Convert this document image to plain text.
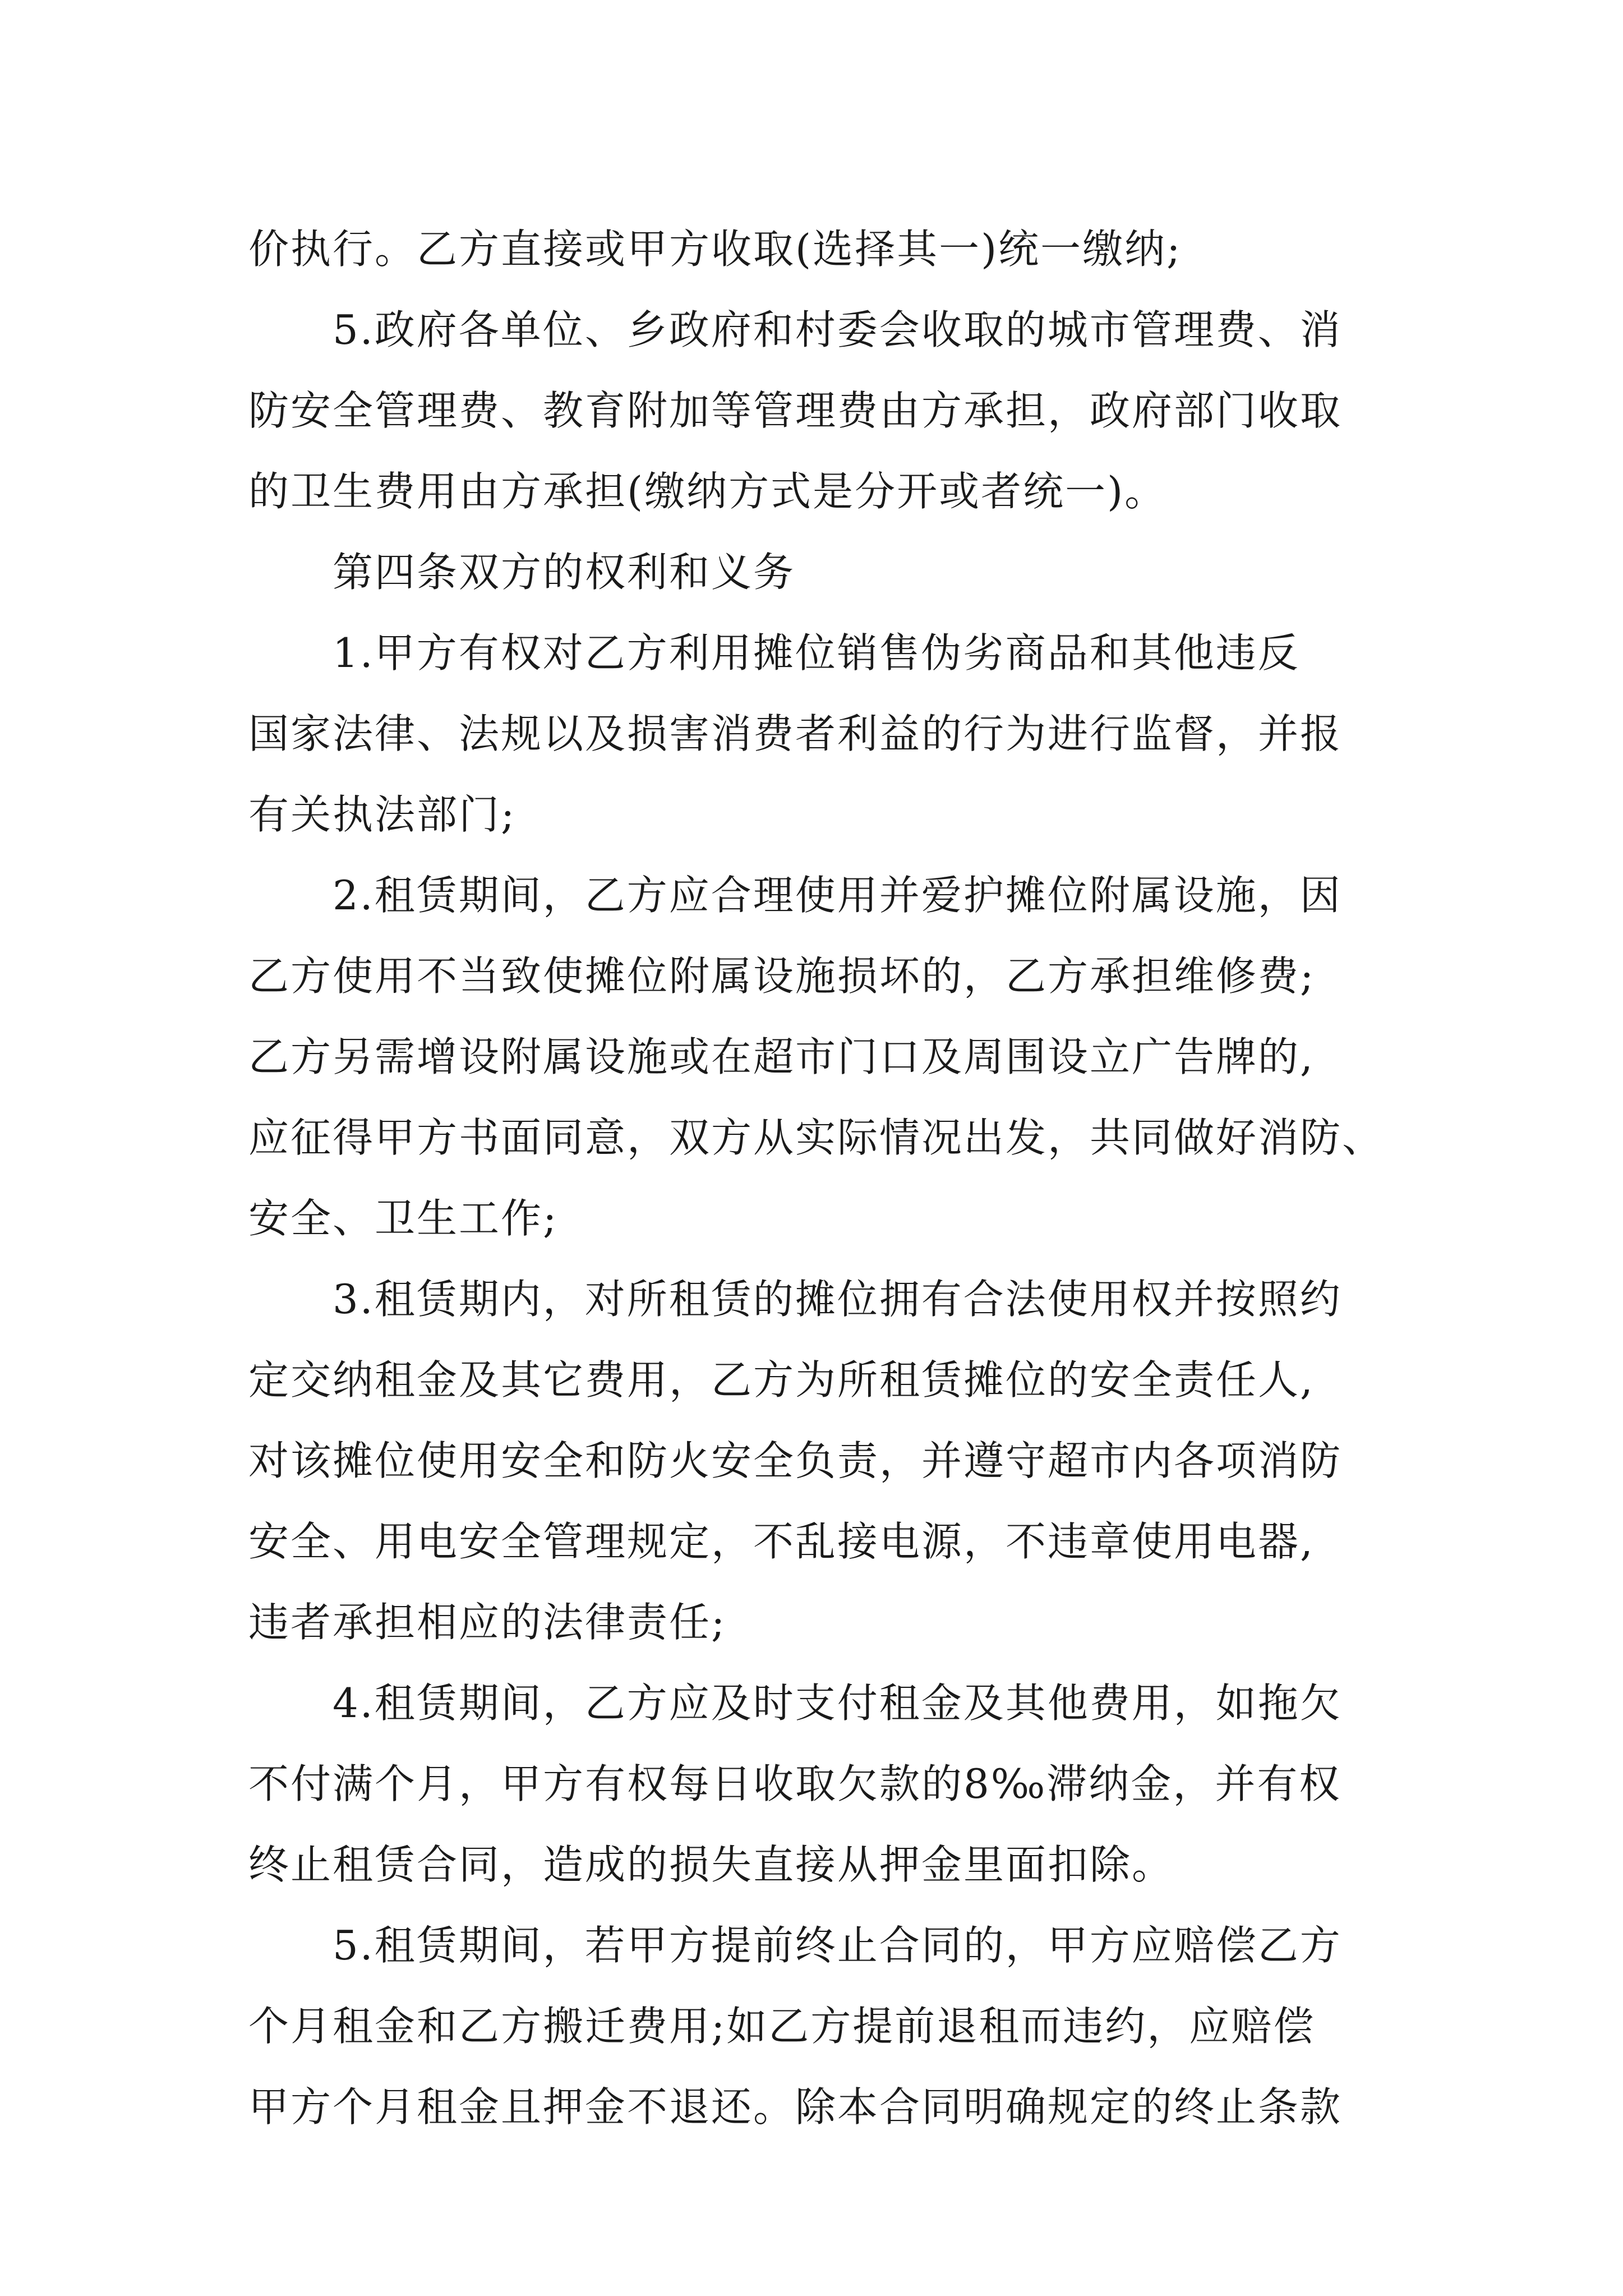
价执行。乙方直接或甲方收取(选择其一)统一缴纳;
5.政府各单位、乡政府和村委会收取的城市管理费、消
防安全管理费、教育附加等管理费由方承担，政府部门收取
的卫生费用由方承担(缴纳方式是分开或者统一)。
第四条双方的权利和义务
1.甲方有权对乙方利用摊位销售伪劣商品和其他违反
国家法律、法规以及损害消费者利益的行为进行监督，并报
有关执法部门;
2.租赁期间，乙方应合理使用并爱护摊位附属设施，因
乙方使用不当致使摊位附属设施损坏的，乙方承担维修费;
乙方另需增设附属设施或在超市门口及周围设立广告牌的,
应征得甲方书面同意，双方从实际情况出发，共同做好消防、
安全、卫生工作;
3.租赁期内，对所租赁的摊位拥有合法使用权并按照约
定交纳租金及其它费用，乙方为所租赁摊位的安全责任人,
对该摊位使用安全和防火安全负责，并遵守超市内各项消防
安全、用电安全管理规定，不乱接电源，不违章使用电器,
违者承担相应的法律责任;
4.租赁期间，乙方应及时支付租金及其他费用，如拖欠
不付满个月，甲方有权每日收取欠款的8‰滞纳金，并有权
终止租赁合同，造成的损失直接从押金里面扣除。
5.租赁期间，若甲方提前终止合同的，甲方应赔偿乙方
个月租金和乙方搬迁费用;如乙方提前退租而违约，应赔偿
甲方个月租金且押金不退还。除本合同明确规定的终止条款
